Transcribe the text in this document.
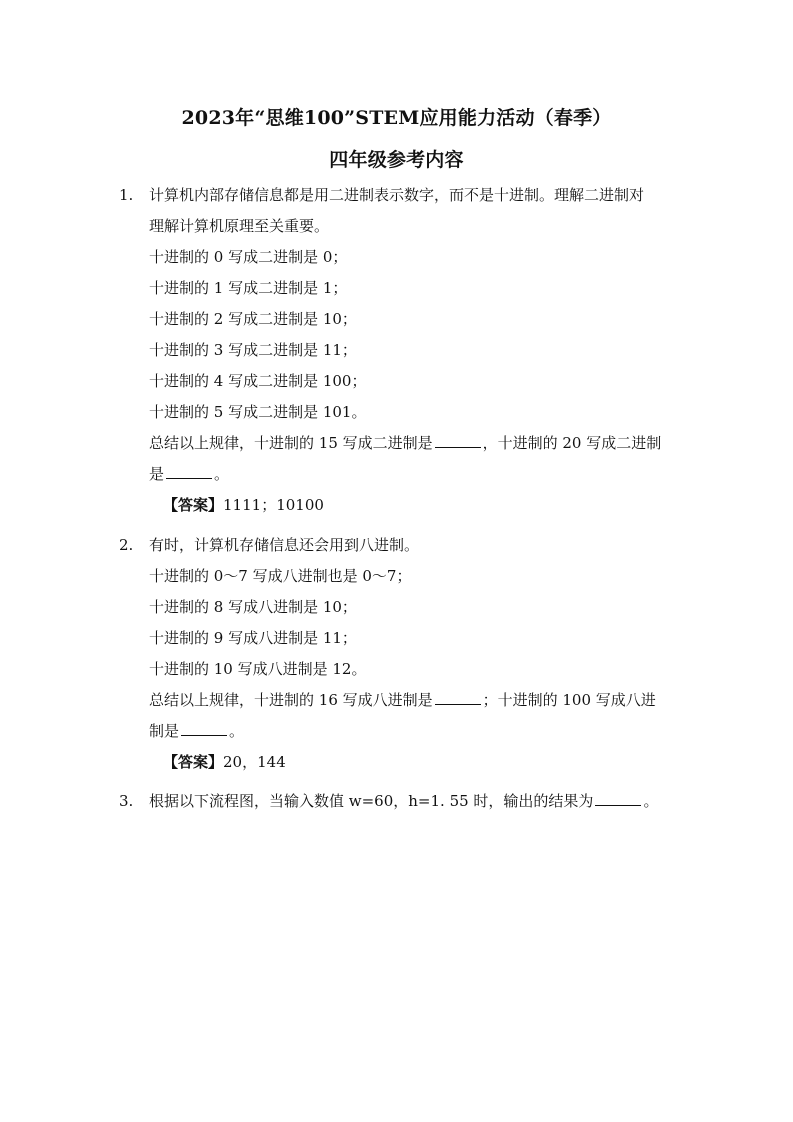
2023年“思维100”STEM应用能力活动（春季）
四年级参考内容
1.	计算机内部存储信息都是用二进制表示数字，而不是十进制。理解二进制对
理解计算机原理至关重要。
十进制的 0 写成二进制是 0；
十进制的 1 写成二进制是 1；
十进制的 2 写成二进制是 10；
十进制的 3 写成二进制是 11；
十进制的 4 写成二进制是 100；
十进制的 5 写成二进制是 101。
总结以上规律，十进制的 15 写成二进制是	，十进制的 20 写成二进制
是	。
【答案】1111；10100
2.	有时，计算机存储信息还会用到八进制。
十进制的 0～7 写成八进制也是 0～7；
十进制的 8 写成八进制是 10；
十进制的 9 写成八进制是 11；
十进制的 10 写成八进制是 12。
总结以上规律，十进制的 16 写成八进制是	；十进制的 100 写成八进
制是	。
【答案】20，144
3.	根据以下流程图，当输入数值 w=60，h=1. 55 时，输出的结果为	。
